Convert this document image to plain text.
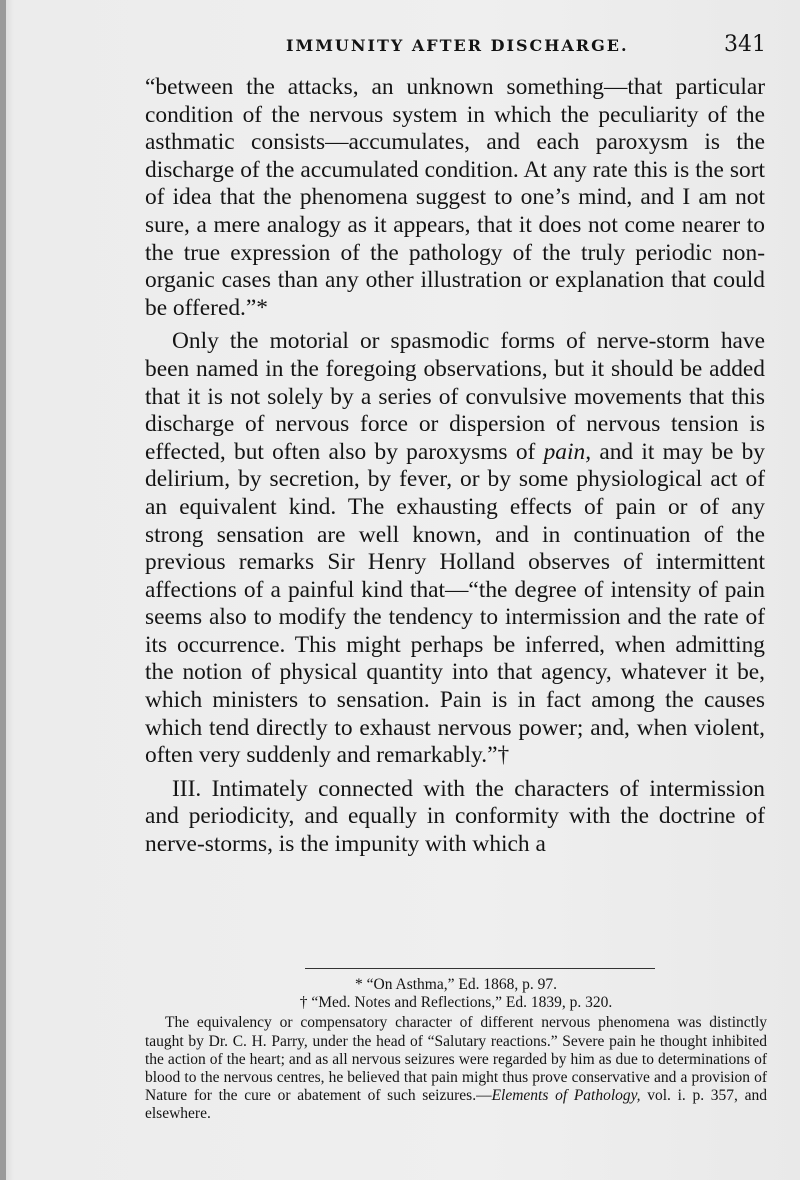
IMMUNITY AFTER DISCHARGE.	341

“between the attacks, an unknown something—that particular condition of the nervous system in which the peculiarity of the asthmatic consists—accumulates, and each paroxysm is the discharge of the accumulated condition. At any rate this is the sort of idea that the phenomena suggest to one’s mind, and I am not sure, a mere analogy as it appears, that it does not come nearer to the true expression of the pathology of the truly periodic non-organic cases than any other illustration or explanation that could be offered.”*

Only the motorial or spasmodic forms of nerve-storm have been named in the foregoing observations, but it should be added that it is not solely by a series of convulsive movements that this discharge of nervous force or dispersion of nervous tension is effected, but often also by paroxysms of pain, and it may be by delirium, by secretion, by fever, or by some physiological act of an equivalent kind. The exhausting effects of pain or of any strong sensation are well known, and in continuation of the previous remarks Sir Henry Holland observes of intermittent affections of a painful kind that—“the degree of intensity of pain seems also to modify the tendency to intermission and the rate of its occurrence. This might perhaps be inferred, when admitting the notion of physical quantity into that agency, whatever it be, which ministers to sensation. Pain is in fact among the causes which tend directly to exhaust nervous power; and, when violent, often very suddenly and remarkably.”†

III. Intimately connected with the characters of intermission and periodicity, and equally in conformity with the doctrine of nerve-storms, is the impunity with which a

* “On Asthma,” Ed. 1868, p. 97.

† “Med. Notes and Reflections,” Ed. 1839, p. 320.

The equivalency or compensatory character of different nervous phenomena was distinctly taught by Dr. C. H. Parry, under the head of “Salutary reactions.” Severe pain he thought inhibited the action of the heart; and as all nervous seizures were regarded by him as due to determinations of blood to the nervous centres, he believed that pain might thus prove conservative and a provision of Nature for the cure or abatement of such seizures.—Elements of Pathology, vol. i. p. 357, and elsewhere.
